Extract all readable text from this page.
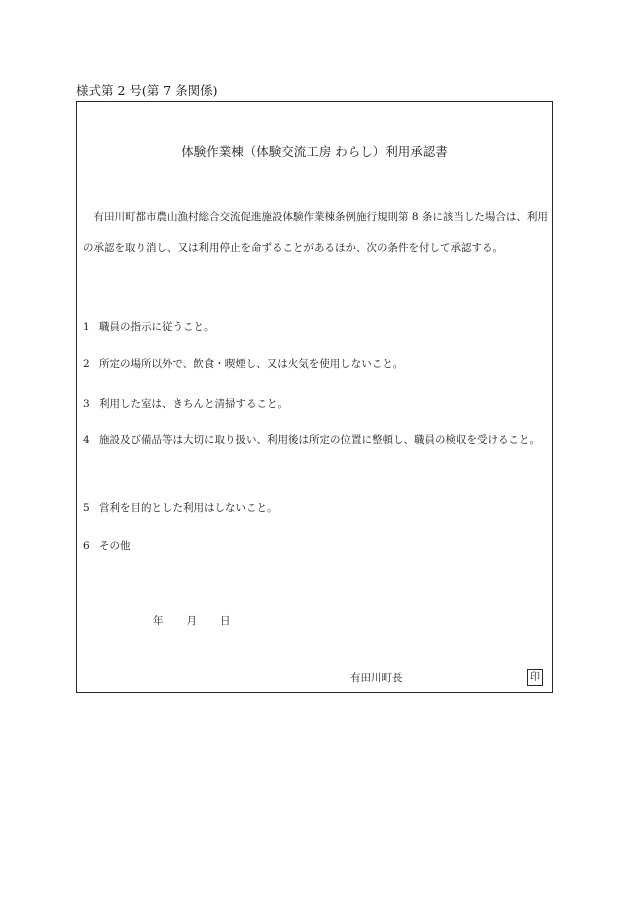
様式第 2 号(第 7 条関係)
体験作業棟（体験交流工房 わらし）利用承認書

有田川町都市農山漁村総合交流促進施設体験作業棟条例施行規則第 8 条に該当した場合は、利用の承認を取り消し、又は利用停止を命ずることがあるほか、次の条件を付して承認する。

1 職員の指示に従うこと。

2 所定の場所以外で、飲食・喫煙し、又は火気を使用しないこと。

3 利用した室は、きちんと清掃すること。

4 施設及び備品等は大切に取り扱い、利用後は所定の位置に整頓し、職員の検収を受けること。

5 営利を目的とした利用はしないこと。

6 その他

年 月 日
有田川町長	印
